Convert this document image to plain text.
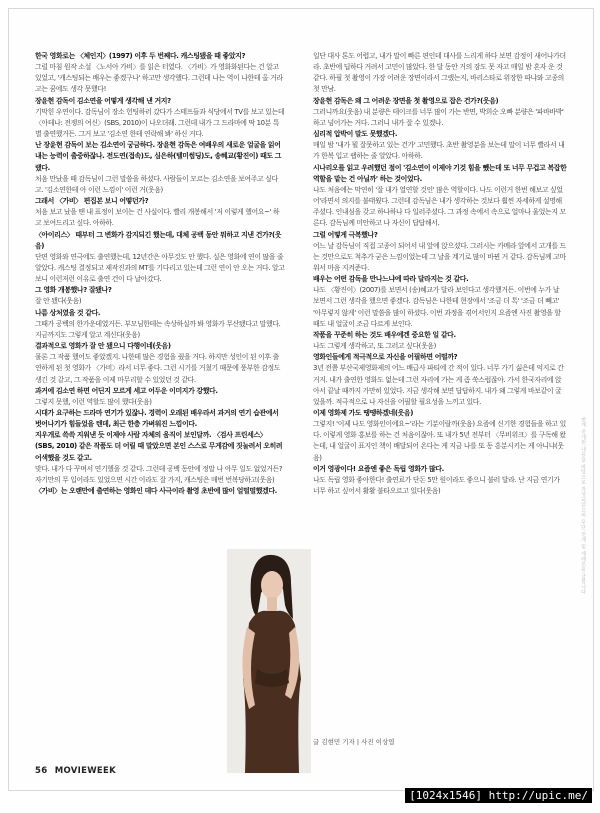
한국 영화로는 〈체인지〉(1997) 이후 두 번째다. 캐스팅됐을 때 좋았지?

그럴 마침 원작 소설 〈노서아 가비〉를 읽은 터였다. 〈가비〉가 영화화된다는 건 알고 있었고, '캐스팅되는 배우는 좋겠구나' 하고만 생각했다. 그런데 나는 역이 나한테 올 거라고는 꿈에도 생각 못했다!

장윤현 감독이 김소연을 어떻게 생각해 낸 거지?

기막힌 우연이다. 감독님이 장소 헌팅하러 갔다가 스태프들과 식당에서 TV를 보고 있는데 〈아테나: 전쟁의 여신〉(SBS, 2010)이 나오더래. 그런데 내가 그 드라마에 딱 10분 특별 출연했거든. 그거 보고 '김소연 한테 연락해 봐' 하신 거다.

난 장윤현 감독이 보는 김소연이 궁금하다. 장윤현 감독은 여배우의 새로운 얼굴을 읽어내는 능력이 출중하잖나. 전도연(접속)도, 심은하(텔미썸딩)도, 송혜교(황진이) 때도 그랬다.

처음 만났을 때 감독님이 그런 말씀을 하셨다. 사람들이 모르는 김소연을 보여주고 싶다고. '김소연한테 아 이런 느낌이' 이런 거(웃음)

그래서 〈가비〉 편집본 보니 어떻던가?

처음 보고 났을 땐 내 표정이 보이는 건 사실이다. 빨리 개봉해서 '저 이렇게 했어요~' 하고 보여드리고 싶다. 아하하.

〈아이리스〉 때부터 그 변화가 감지되긴 했는데, 대체 공백 동안 뭐하고 지낸 건가?(웃음)

단편 영화와 연극에도 출연했는데, 12년간은 아무것도 안 했다. 실은 영화에 연이 많을 줄 알았다. 캐스팅 결정되고 제작진과의 MT를 기다리고 있는데 그런 연이 안 오는 거다. 알고 보니 이런저런 이유로 출연 건이 다 날아갔다.

그 영화 개봉했나? 잘됐나?

잘 안 됐다(웃음)

나름 상처였을 것 같다.

그때가 공백의 한가운데였거든. 부모님한테는 속상하실까 봐 영화가 무산됐다고 말했다. 지금까지도 그렇게 알고 계신다(웃음)

결과적으로 영화가 잘 안 됐으니 다행이네(웃음)

물론 그 작품 했어도 좋았겠지. 나한테 많은 경험을 줬을 거다. 하지만 성인이 된 이후 출연하게 된 첫 영화가 〈가비〉라서 너무 좋다. 그런 시기를 거쳤기 때문에 풍부한 감정도 생긴 것 같고, 그 작품을 이제 마무리할 수 있었던 것 같다.

과거에 김소연 하면 어딘지 모르게 세고 어두운 이미지가 강했다.

그렇지 못했, 이런 역할도 많이 했다(웃음)

시대가 요구하는 드라마 연기가 있잖나. 경력이 오래된 배우라서 과거의 연기 습관에서 벗어나기가 힘들었을 텐데, 최근 한층 가벼워진 느낌이다.

지우개로 쓱쓱 지워낸 듯 이제야 사람 자체의 움직이 보인달까. 〈검사 프린세스〉(SBS, 2010) 같은 작품도 더 어릴 때 말았으면 본인 스스로 무게감에 짓눌려서 오히려 어색했을 것도 같고.

맞다. 내가 다 꾸며서 연기했을 것 같다. 그런데 공백 동안에 정말 나 아무 일도 없었거든? 자기만의 무 입어라도 있었으면 시간 이라도 잘 가지, 캐스팅은 매번 번복당하고(웃음)

〈가비〉는 오랜만에 출연하는 영화인 데다 사극이라 촬영 초반에 많이 얼떨떨했겠다.

일단 대사 톤도 어렵고, 내가 말이 빠른 편인데 대사를 느리게 하다 보면 감정이 새어나가더라. 초반에 딥하다 거려서 고민이 많았다. 한 달 동안 거의 잠도 못 자고 매일 밤 혼자 운 것 같다. 하필 첫 촬영이 가장 어려운 장면이라서 그랬는지, 바리스타로 위장한 따냐와 고종의 첫 만남.

장윤현 감독은 왜 그 어려운 장면을 첫 촬영으로 잡은 건가?(웃음)

그러니까요(웃음) 내 분량은 테이크를 너무 많이 가는 반면, 박희순 오빠 분량은 '파바바박' 하고 넘어가는 거다. 그러니 내가 잘 수 있겠나.

심리적 압박이 말도 못했겠다.

매일 밤 '내가 뭘 잘못하고 있는 건가' 고민했다. 초반 촬영분을 보는데 말이 너무 빨라서 내가 한복 입고 랩하는 줄 알았다. 아하하.

시나리오를 읽고 우려했던 점이 '김소연이 이제야 기것 힘을 뺐는데 또 너무 무겁고 복잡한 역할을 맡는 건 아닐까' 하는 것이었다.

나도 처음에는 막연히 '잘 내가 열연할 것인' 많은 역할이다. 나도 이런거 한번 해보고 싶었어'라면서 의지를 불태웠다. 그런데 감독님은 내가 생각하는 것보다 훨씬 자세하게 설명해 주셨다. 인내심을 갖고 하나하나 다 일러주셨다. 그 과정 속에서 속으로 얼마나 울었는지 모른다. 감독님께 미안하고 나 자신이 답답해서.

그럴 어떻게 극복했나?

어느 날 감독님이 직접 고종이 되어서 내 앞에 앉으셨다. 그러시는 카메라 앞에서 고개를 드는 것만으로도 척추가 굳은 느낌이었는데 그 날을 계기로 많이 바뀐 거 같다. 감독님께 고마워서 마음 지켜준다.

배우는 어떤 감독을 만나느냐에 따라 달라지는 것 같다.

나도 〈황진이〉(2007)를 보면서 (송)혜교가 달라 보인다고 생각했거든. 이번에 누가 날 보면서 그런 생각을 했으면 좋겠다. 감독님은 나한테 현장에서 '조금 더 톡' '조금 더 빼고' '아무렇지 않게' 이런 말씀을 많이 하셨다. 이번 과정을 겪어서인지 요즘엔 사진 촬영을 할 때도 내 얼굴이 조금 다르게 보인다.

작품을 꾸준히 하는 것도 배우에겐 중요한 일 같다.

나도 그렇게 생각하고, 또 그러고 싶다(웃음)

영화인들에게 적극적으로 자신을 어필하면 어떨까?

3년 전쯤 부산국제영화제의 어느 배급사 파티에 간 적이 있다. 너무 가기 싫은데 억지로 간 거지. 내가 출연한 영화도 없는데 그런 자리에 가는 게 좀 쑥스럽잖아. 가서 한국자리에 앉아서 끝날 때까지 가만히 있었다. 지금 생각해 보면 답답하지. 내가 왜 그렇게 바보같이 굴었을까. 적극적으로 나 자신을 어필할 필요성을 느끼고 있다.

이제 영화제 가도 땡땡하겠네(웃음)

그렇지! '이제 나도 영화인이에요~'라는 기분이랄까(웃음) 요즘에 신기한 경험들을 하고 있다. 이렇게 영화 홍보를 하는 건 처음이잖아. 또 내가 5년 전부터 〈무비위크〉를 구독해 왔는데, 내 얼굴이 표지인 책이 배달되어 온다는 게 지금 나를 또 동 흥분시키는 게 아니냐(웃음)

이거 영광이다! 요즘엔 좋은 독립 영화가 많다.

나도 독립 영화 좋아한다! 출연료가 단돈 5만 원이라도 좋으니 불러 달라. 난 지금 연기가 너무 하고 싶어서 활활 불타오르고 있다(웃음)

글 김현민 기자 | 사진 이상엽
56 MOVIEWEEK
현재 공개된 내용을 바탕으로 작성되었으며 무단 전재 및 재배포를 금합니다
[1024x1546] http://upic.me/
